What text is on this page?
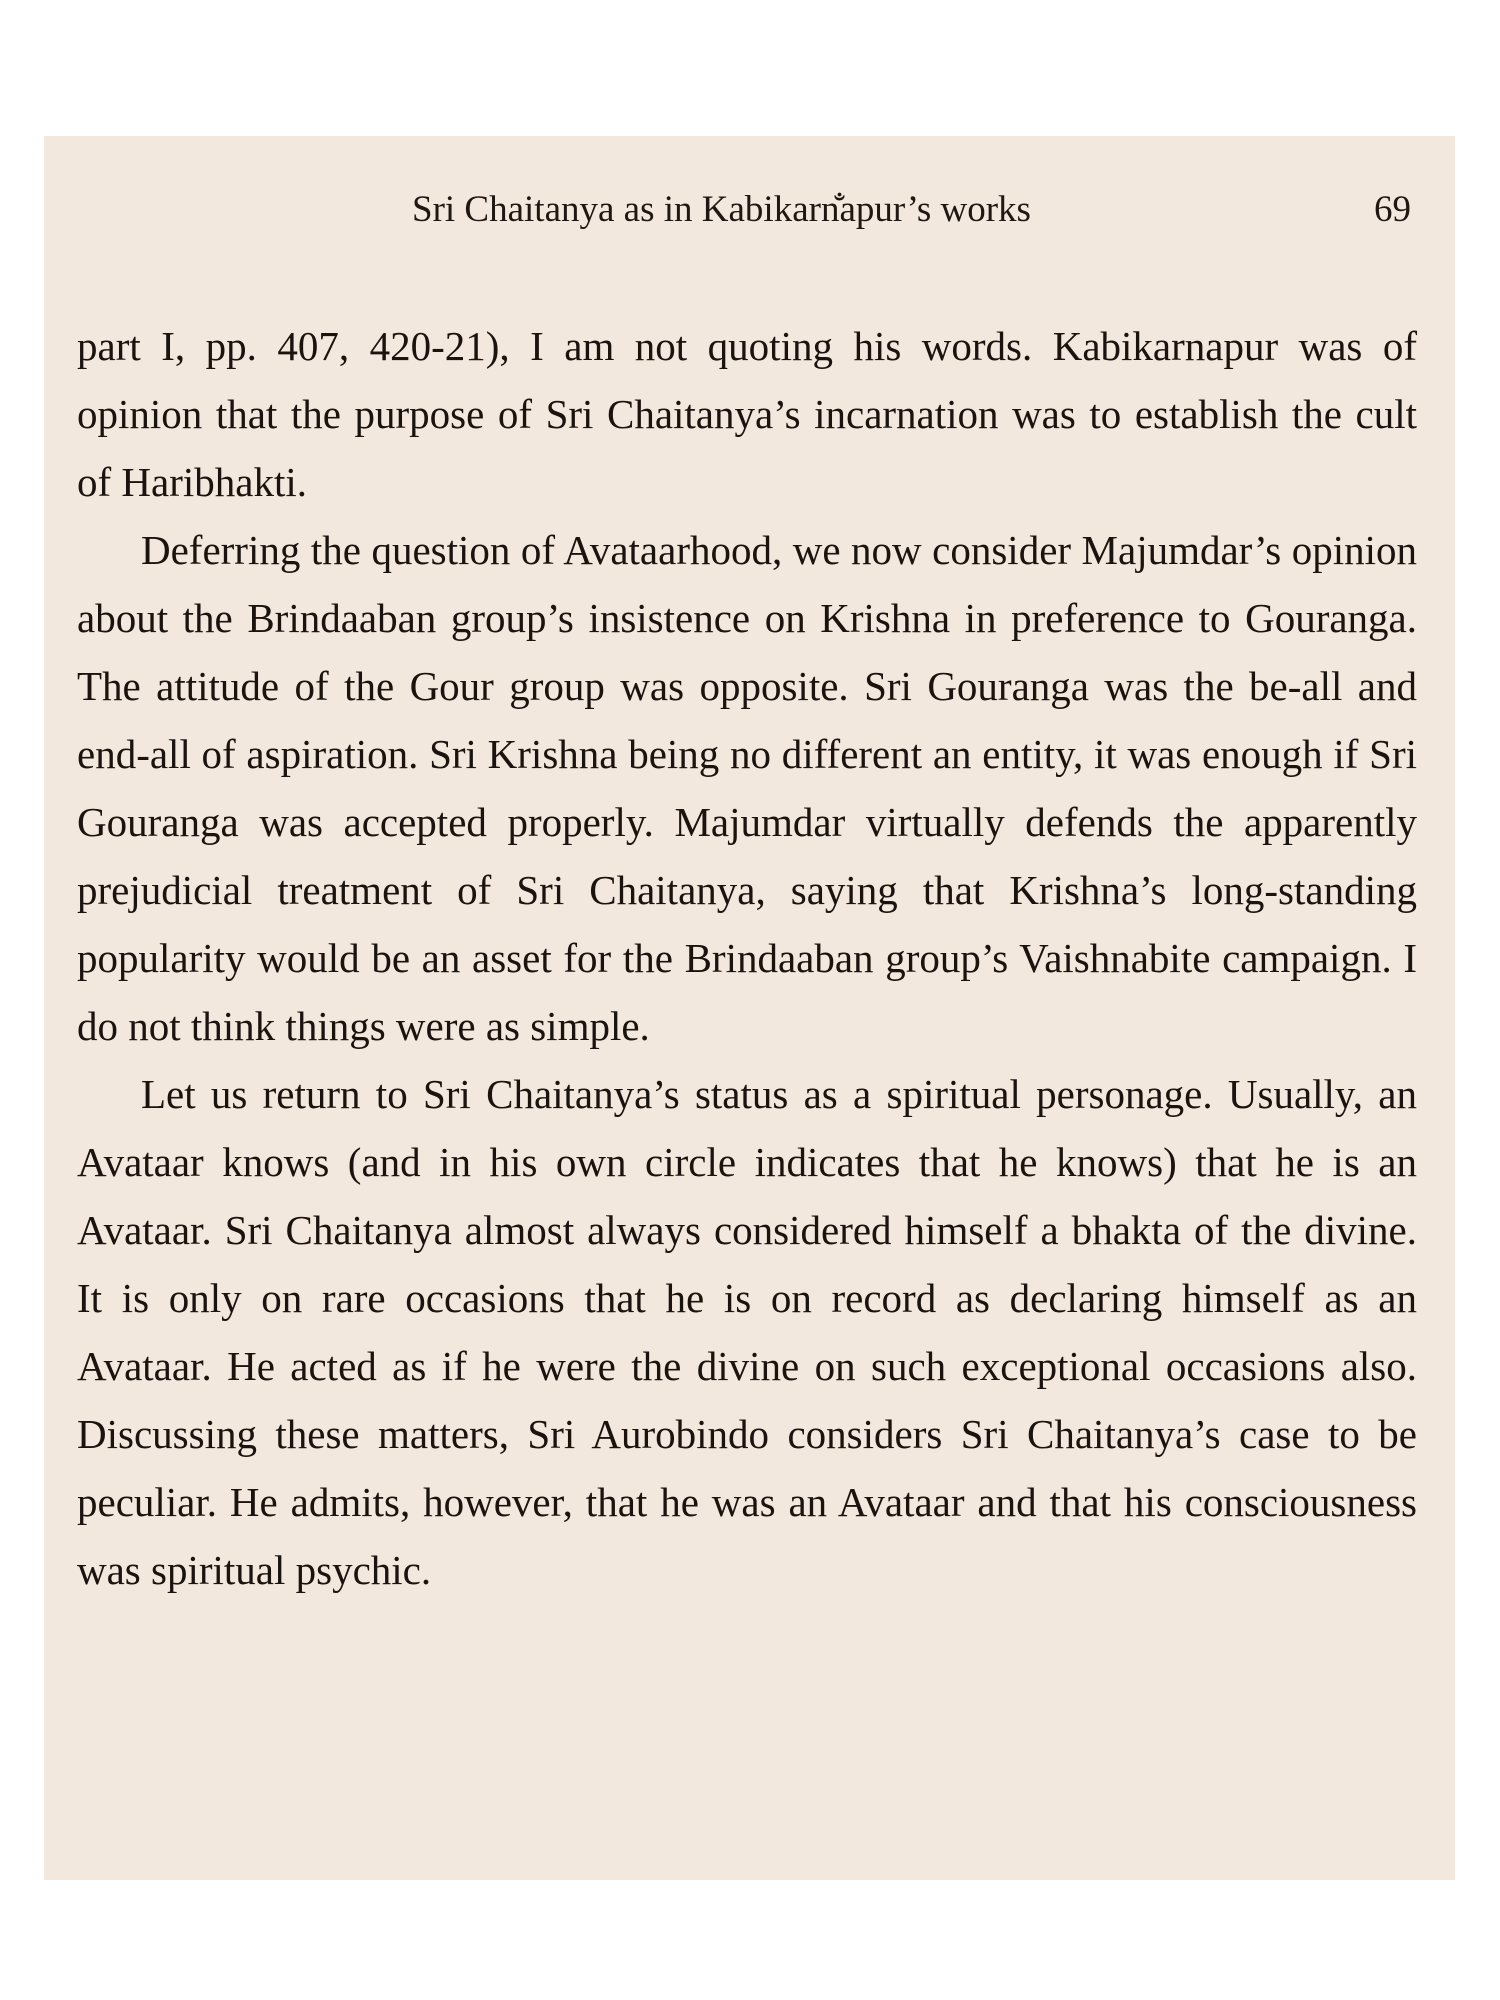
Sri Chaitanya as in Kabikarn̐apur’s works	69

part I, pp. 407, 420-21), I am not quoting his words. Kabikarnapur was of opinion that the purpose of Sri Chaitanya’s incarnation was to establish the cult of Haribhakti.

Deferring the question of Avataarhood, we now consider Majumdar’s opinion about the Brindaaban group’s insistence on Krishna in preference to Gouranga. The attitude of the Gour group was opposite. Sri Gouranga was the be-all and end-all of aspiration. Sri Krishna being no different an entity, it was enough if Sri Gouranga was accepted properly. Majumdar virtually defends the apparently prejudicial treatment of Sri Chaitanya, saying that Krishna’s long-standing popularity would be an asset for the Brindaaban group’s Vaishnabite campaign. I do not think things were as simple.

Let us return to Sri Chaitanya’s status as a spiritual personage. Usually, an Avataar knows (and in his own circle indicates that he knows) that he is an Avataar. Sri Chaitanya almost always considered himself a bhakta of the divine. It is only on rare occasions that he is on record as declaring himself as an Avataar. He acted as if he were the divine on such exceptional occasions also. Discussing these matters, Sri Aurobindo considers Sri Chaitanya’s case to be peculiar. He admits, however, that he was an Avataar and that his consciousness was spiritual psychic.
